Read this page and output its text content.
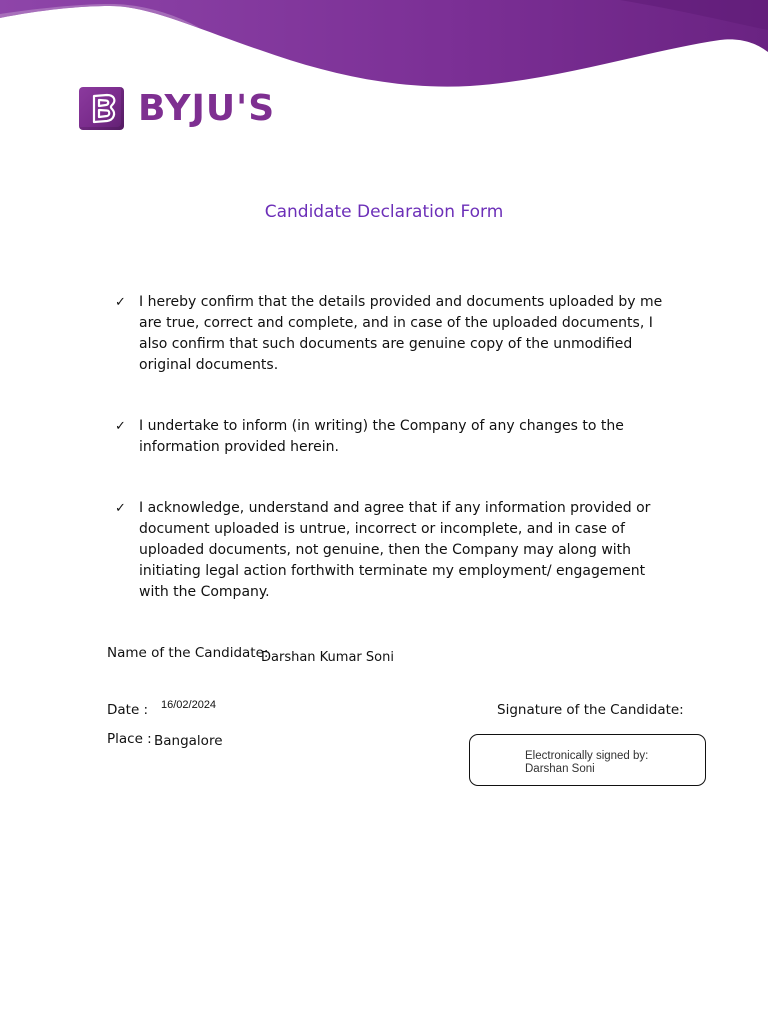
BYJU'S
Candidate Declaration Form
✓ I hereby confirm that the details provided and documents uploaded by me are true, correct and complete, and in case of the uploaded documents, I also confirm that such documents are genuine copy of the unmodified original documents.
✓ I undertake to inform (in writing) the Company of any changes to the information provided herein.
✓ I acknowledge, understand and agree that if any information provided or document uploaded is untrue, incorrect or incomplete, and in case of uploaded documents, not genuine, then the Company may along with initiating legal action forthwith terminate my employment/ engagement with the Company.
Name of the Candidate:
Darshan Kumar Soni
Date : 16/02/2024
Place : Bangalore
Signature of the Candidate:
Electronically signed by:
Darshan Soni
